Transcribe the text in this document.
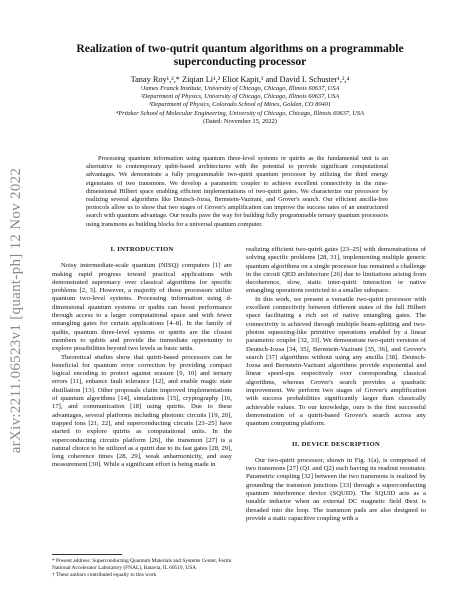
arXiv:2211.06523v1 [quant-ph] 12 Nov 2022
Realization of two-qutrit quantum algorithms on a programmable superconducting processor
Tanay Roy¹,²,* Ziqian Li¹,² Eliot Kapit,³ and David I. Schuster¹,²,⁴
¹James Franck Institute, University of Chicago, Chicago, Illinois 60637, USA
²Department of Physics, University of Chicago, Chicago, Illinois 60637, USA
³Department of Physics, Colorado School of Mines, Golden, CO 80401
⁴Pritzker School of Molecular Engineering, University of Chicago, Chicago, Illinois 60637, USA
(Dated: November 15, 2022)
Processing quantum information using quantum three-level systems or qutrits as the fundamental unit is an alternative to contemporary qubit-based architectures with the potential to provide significant computational advantages. We demonstrate a fully programmable two-qutrit quantum processor by utilizing the third energy eigenstates of two transmons. We develop a parametric coupler to achieve excellent connectivity in the nine-dimensional Hilbert space enabling efficient implementations of two-qutrit gates. We characterize our processor by realizing several algorithms like Deutsch-Jozsa, Bernstein-Vazirani, and Grover's search. Our efficient ancilla-free protocols allow us to show that two stages of Grover's amplification can improve the success rates of an unstructured search with quantum advantage. Our results pave the way for building fully programmable ternary quantum processors using transmons as building blocks for a universal quantum computer.
I. INTRODUCTION

Noisy intermediate-scale quantum (NISQ) computers [1] are making rapid progress toward practical applications with demonstrated supremacy over classical algorithms for specific problems [2, 3]. However, a majority of those processors utilize quantum two-level systems. Processing information using d-dimensional quantum systems or qudits can boost performance through access to a larger computational space and with fewer entangling gates for certain applications [4–8]. In the family of qudits, quantum three-level systems or qutrits are the closest members to qubits and provide the immediate opportunity to explore possibilities beyond two levels as basic units.

Theoretical studies show that qutrit-based processors can be beneficial for quantum error correction by providing compact logical encoding to protect against erasure [9, 10] and ternary errors [11], enhance fault tolerance [12], and enable magic state distillation [13]. Other proposals claim improved implementations of quantum algorithms [14], simulations [15], cryptography [16, 17], and communication [18] using qutrits. Due to these advantages, several platforms including photonic circuits [19, 20], trapped ions [21, 22], and superconducting circuits [23–25] have started to explore qutrits as computational units. In the superconducting circuits platform [26], the transmon [27] is a natural choice to be utilized as a qutrit due to its fast gates [28, 29], long coherence times [28, 29], weak anharmonicity, and easy measurement [30]. While a significant effort is being made in

realizing efficient two-qutrit gates [23–25] with demonstrations of solving specific problems [28, 31], implementing multiple generic quantum algorithms on a single processor has remained a challenge in the circuit QED architecture [26] due to limitations arising from decoherence, slow, static inter-qutrit interaction or native entangling operations restricted to a smaller subspace.

In this work, we present a versatile two-qutrit processor with excellent connectivity between different states of the full Hilbert space facilitating a rich set of native entangling gates. The connectivity is achieved through multiple beam-splitting and two-photon squeezing-like primitive operations enabled by a linear parametric coupler [32, 33]. We demonstrate two-qutrit versions of Deutsch-Jozsa [34, 35], Bernstein-Vazirani [35, 36], and Grover's search [37] algorithms without using any ancilla [38]. Deutsch-Jozsa and Bernstein-Vazirani algorithms provide exponential and linear speed-ups respectively over corresponding classical algorithms, whereas Grover's search provides a quadratic improvement. We perform two stages of Grover's amplification with success probabilities significantly larger than classically achievable values. To our knowledge, ours is the first successful demonstration of a qutrit-based Grover's search across any quantum computing platform.

II. DEVICE DESCRIPTION

Our two-qutrit processor, shown in Fig. 1(a), is comprised of two transmons [27] (Q1 and Q2) each having its readout resonator. Parametric coupling [32] between the two transmons is realized by grounding the transmon junctions [33] through a superconducting quantum interference device (SQUID). The SQUID acts as a tunable inductor when an external DC magnetic field Φext is threaded into the loop. The transmon pads are also designed to provide a static capacitive coupling with a

* Present address: Superconducting Quantum Materials and Systems Center, Fermi National Accelerator Laboratory (FNAL), Batavia, IL 60510, USA
† These authors contributed equally to this work
